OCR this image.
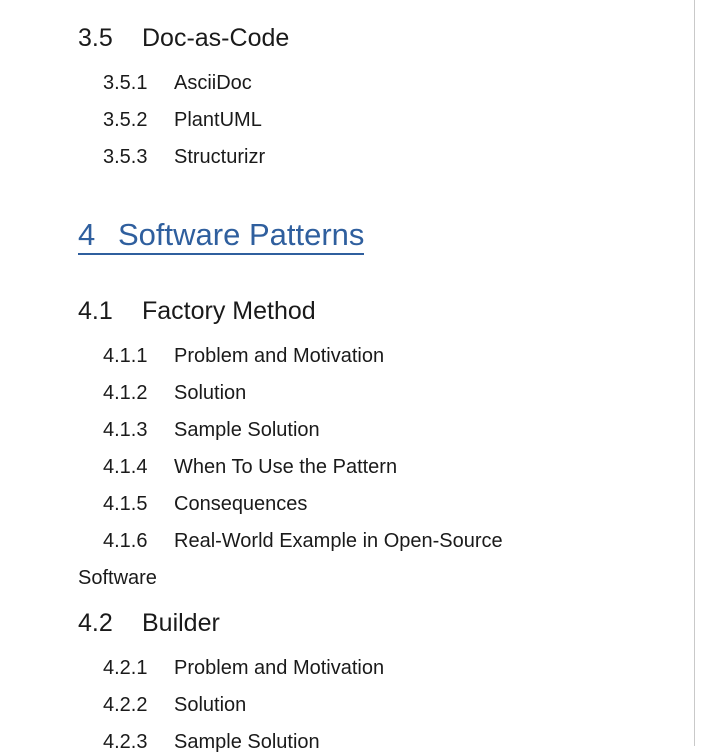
3.5	Doc-as-Code
3.5.1	AsciiDoc
3.5.2	PlantUML
3.5.3	Structurizr
4 Software Patterns
4.1	Factory Method
4.1.1	Problem and Motivation
4.1.2	Solution
4.1.3	Sample Solution
4.1.4	When To Use the Pattern
4.1.5	Consequences
4.1.6	Real-World Example in Open-Source
Software
4.2	Builder
4.2.1	Problem and Motivation
4.2.2	Solution
4.2.3	Sample Solution
